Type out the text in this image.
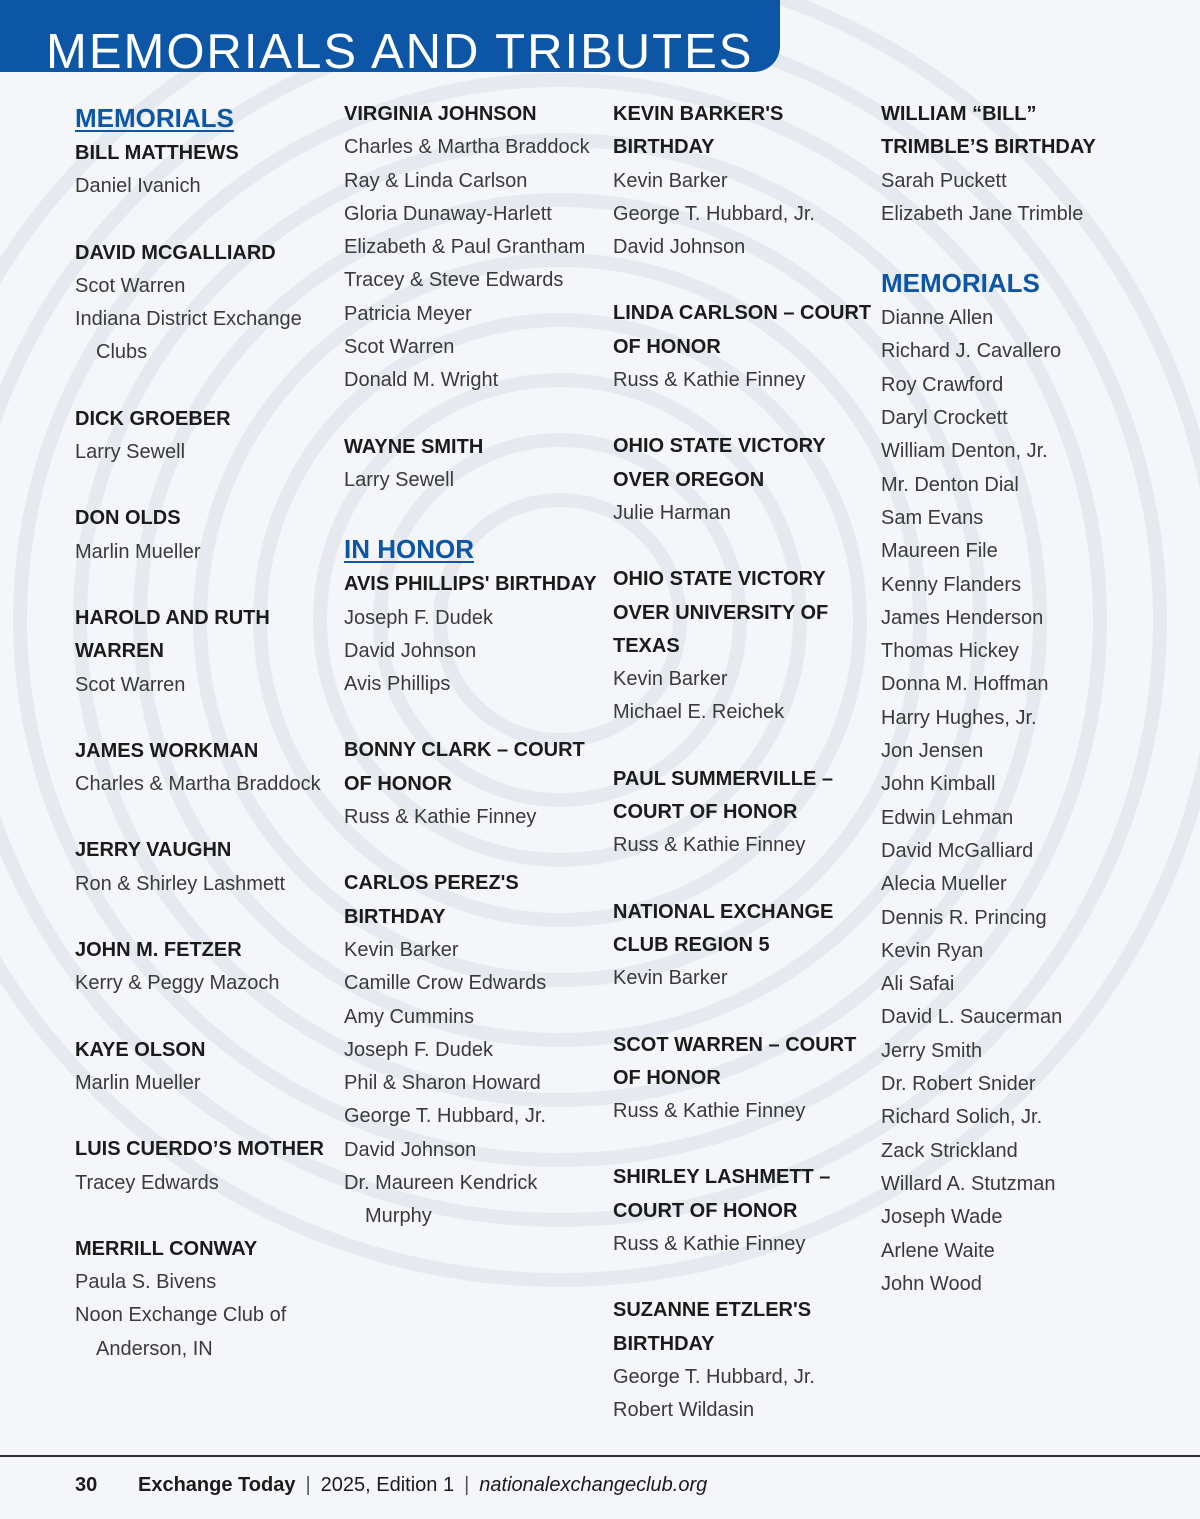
MEMORIALS AND TRIBUTES
MEMORIALS
BILL MATTHEWS
Daniel Ivanich
DAVID MCGALLIARD
Scot Warren
Indiana District Exchange Clubs
DICK GROEBER
Larry Sewell
DON OLDS
Marlin Mueller
HAROLD AND RUTH WARREN
Scot Warren
JAMES WORKMAN
Charles & Martha Braddock
JERRY VAUGHN
Ron & Shirley Lashmett
JOHN M. FETZER
Kerry & Peggy Mazoch
KAYE OLSON
Marlin Mueller
LUIS CUERDO’S MOTHER
Tracey Edwards
MERRILL CONWAY
Paula S. Bivens
Noon Exchange Club of Anderson, IN
VIRGINIA JOHNSON
Charles & Martha Braddock
Ray & Linda Carlson
Gloria Dunaway-Harlett
Elizabeth & Paul Grantham
Tracey & Steve Edwards
Patricia Meyer
Scot Warren
Donald M. Wright
WAYNE SMITH
Larry Sewell
IN HONOR
AVIS PHILLIPS' BIRTHDAY
Joseph F. Dudek
David Johnson
Avis Phillips
BONNY CLARK – COURT OF HONOR
Russ & Kathie Finney
CARLOS PEREZ'S BIRTHDAY
Kevin Barker
Camille Crow Edwards
Amy Cummins
Joseph F. Dudek
Phil & Sharon Howard
George T. Hubbard, Jr.
David Johnson
Dr. Maureen Kendrick Murphy
KEVIN BARKER'S BIRTHDAY
Kevin Barker
George T. Hubbard, Jr.
David Johnson
LINDA CARLSON – COURT OF HONOR
Russ & Kathie Finney
OHIO STATE VICTORY OVER OREGON
Julie Harman
OHIO STATE VICTORY OVER UNIVERSITY OF TEXAS
Kevin Barker
Michael E. Reichek
PAUL SUMMERVILLE – COURT OF HONOR
Russ & Kathie Finney
NATIONAL EXCHANGE CLUB REGION 5
Kevin Barker
SCOT WARREN – COURT OF HONOR
Russ & Kathie Finney
SHIRLEY LASHMETT – COURT OF HONOR
Russ & Kathie Finney
SUZANNE ETZLER'S BIRTHDAY
George T. Hubbard, Jr.
Robert Wildasin
WILLIAM “BILL” TRIMBLE’S BIRTHDAY
Sarah Puckett
Elizabeth Jane Trimble
MEMORIALS
Dianne Allen
Richard J. Cavallero
Roy Crawford
Daryl Crockett
William Denton, Jr.
Mr. Denton Dial
Sam Evans
Maureen File
Kenny Flanders
James Henderson
Thomas Hickey
Donna M. Hoffman
Harry Hughes, Jr.
Jon Jensen
John Kimball
Edwin Lehman
David McGalliard
Alecia Mueller
Dennis R. Princing
Kevin Ryan
Ali Safai
David L. Saucerman
Jerry Smith
Dr. Robert Snider
Richard Solich, Jr.
Zack Strickland
Willard A. Stutzman
Joseph Wade
Arlene Waite
John Wood
30	Exchange Today | 2025, Edition 1 | nationalexchangeclub.org
